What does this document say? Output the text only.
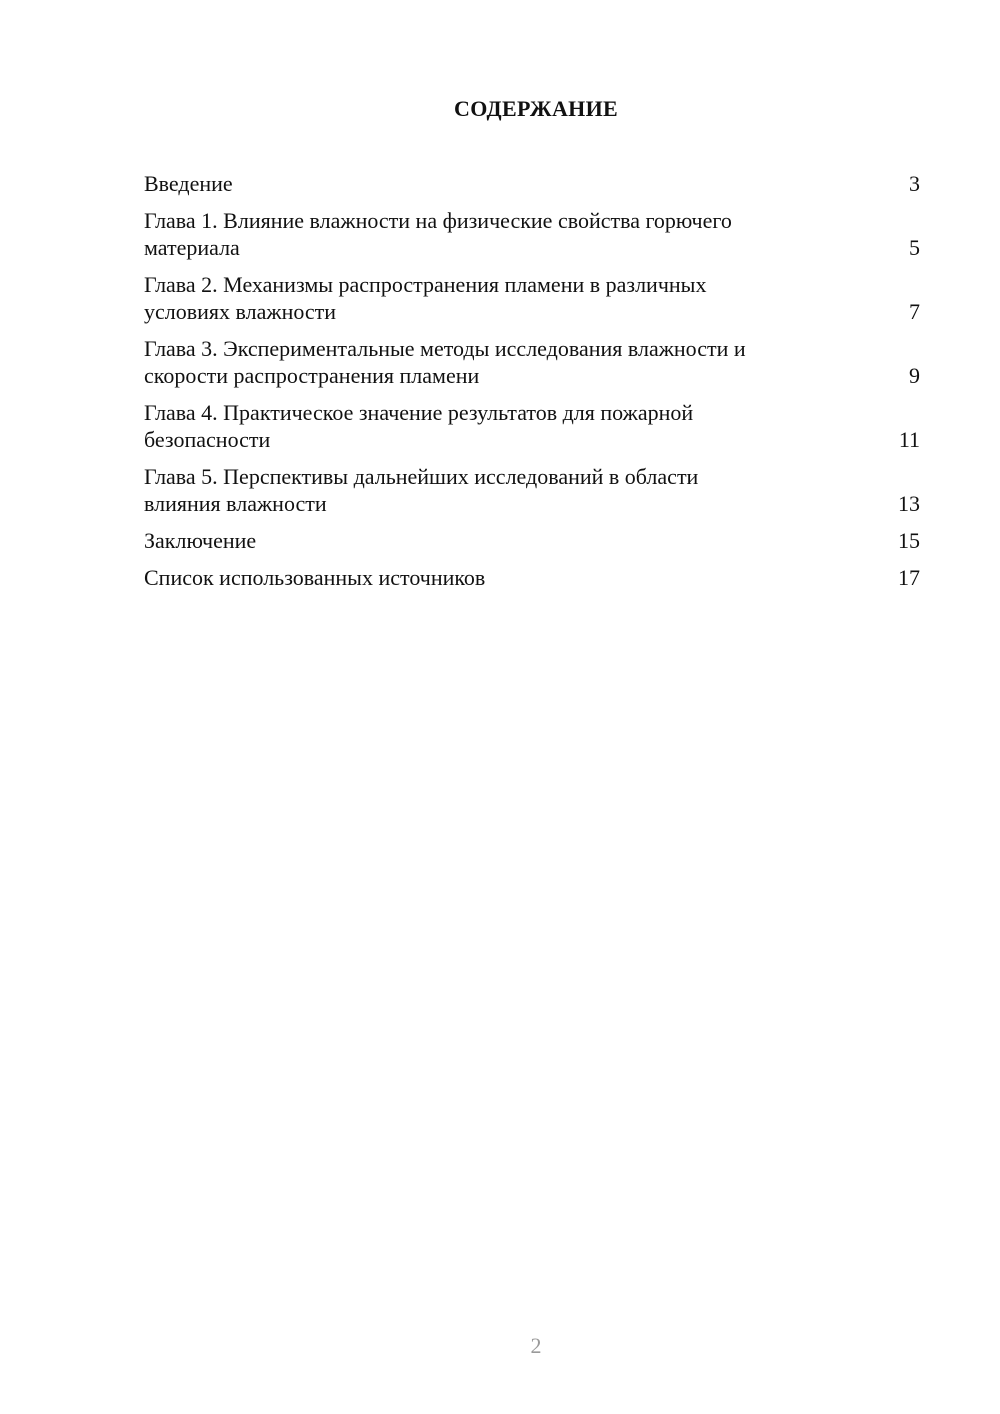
СОДЕРЖАНИЕ
Введение	3
Глава 1. Влияние влажности на физические свойства горючего
материала	5
Глава 2. Механизмы распространения пламени в различных
условиях влажности	7
Глава 3. Экспериментальные методы исследования влажности и
скорости распространения пламени	9
Глава 4. Практическое значение результатов для пожарной
безопасности	11
Глава 5. Перспективы дальнейших исследований в области
влияния влажности	13
Заключение	15
Список использованных источников	17
2
